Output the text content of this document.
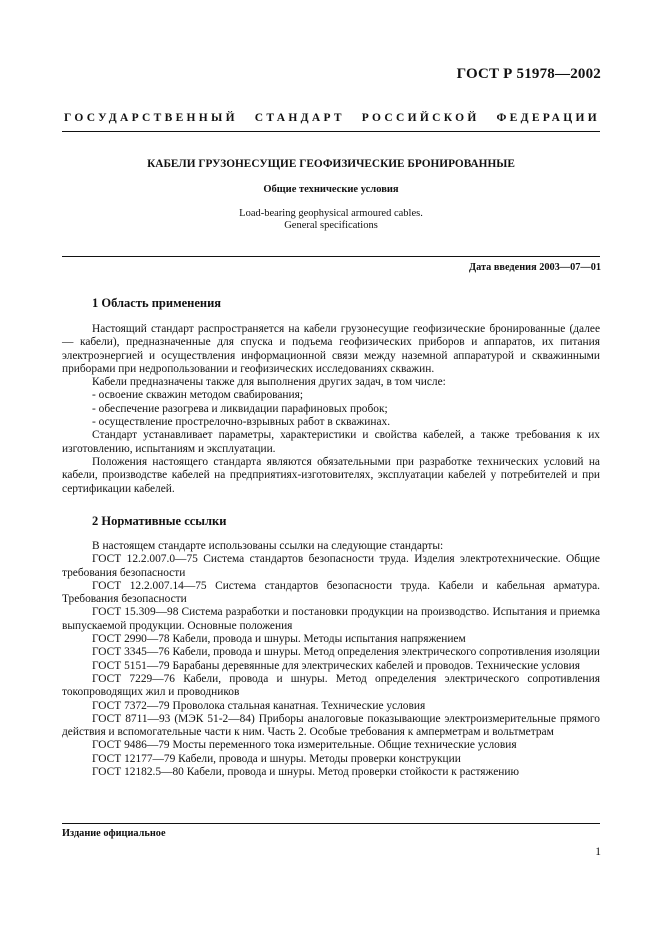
ГОСТ Р 51978—2002
ГОСУДАРСТВЕННЫЙ СТАНДАРТ РОССИЙСКОЙ ФЕДЕРАЦИИ
КАБЕЛИ ГРУЗОНЕСУЩИЕ ГЕОФИЗИЧЕСКИЕ БРОНИРОВАННЫЕ
Общие технические условия
Load-bearing geophysical armoured cables.
General specifications
Дата введения 2003—07—01
1 Область применения

Настоящий стандарт распространяется на кабели грузонесущие геофизические бронированные (далее — кабели), предназначенные для спуска и подъема геофизических приборов и аппаратов, их питания электроэнергией и осуществления информационной связи между наземной аппаратурой и скважинными приборами при недропользовании и геофизических исследованиях скважин.

Кабели предназначены также для выполнения других задач, в том числе:

- освоение скважин методом свабирования;

- обеспечение разогрева и ликвидации парафиновых пробок;

- осуществление прострелочно-взрывных работ в скважинах.

Стандарт устанавливает параметры, характеристики и свойства кабелей, а также требования к их изготовлению, испытаниям и эксплуатации.

Положения настоящего стандарта являются обязательными при разработке технических условий на кабели, производстве кабелей на предприятиях-изготовителях, эксплуатации кабелей у потребителей и при сертификации кабелей.

2 Нормативные ссылки

В настоящем стандарте использованы ссылки на следующие стандарты:

ГОСТ 12.2.007.0—75 Система стандартов безопасности труда. Изделия электротехнические. Общие требования безопасности

ГОСТ 12.2.007.14—75 Система стандартов безопасности труда. Кабели и кабельная арматура. Требования безопасности

ГОСТ 15.309—98 Система разработки и постановки продукции на производство. Испытания и приемка выпускаемой продукции. Основные положения

ГОСТ 2990—78 Кабели, провода и шнуры. Методы испытания напряжением

ГОСТ 3345—76 Кабели, провода и шнуры. Метод определения электрического сопротивления изоляции

ГОСТ 5151—79 Барабаны деревянные для электрических кабелей и проводов. Технические условия

ГОСТ 7229—76 Кабели, провода и шнуры. Метод определения электрического сопротивления токопроводящих жил и проводников

ГОСТ 7372—79 Проволока стальная канатная. Технические условия

ГОСТ 8711—93 (МЭК 51-2—84) Приборы аналоговые показывающие электроизмерительные прямого действия и вспомогательные части к ним. Часть 2. Особые требования к амперметрам и вольтметрам

ГОСТ 9486—79 Мосты переменного тока измерительные. Общие технические условия

ГОСТ 12177—79 Кабели, провода и шнуры. Методы проверки конструкции

ГОСТ 12182.5—80 Кабели, провода и шнуры. Метод проверки стойкости к растяжению

Издание официальное
1
